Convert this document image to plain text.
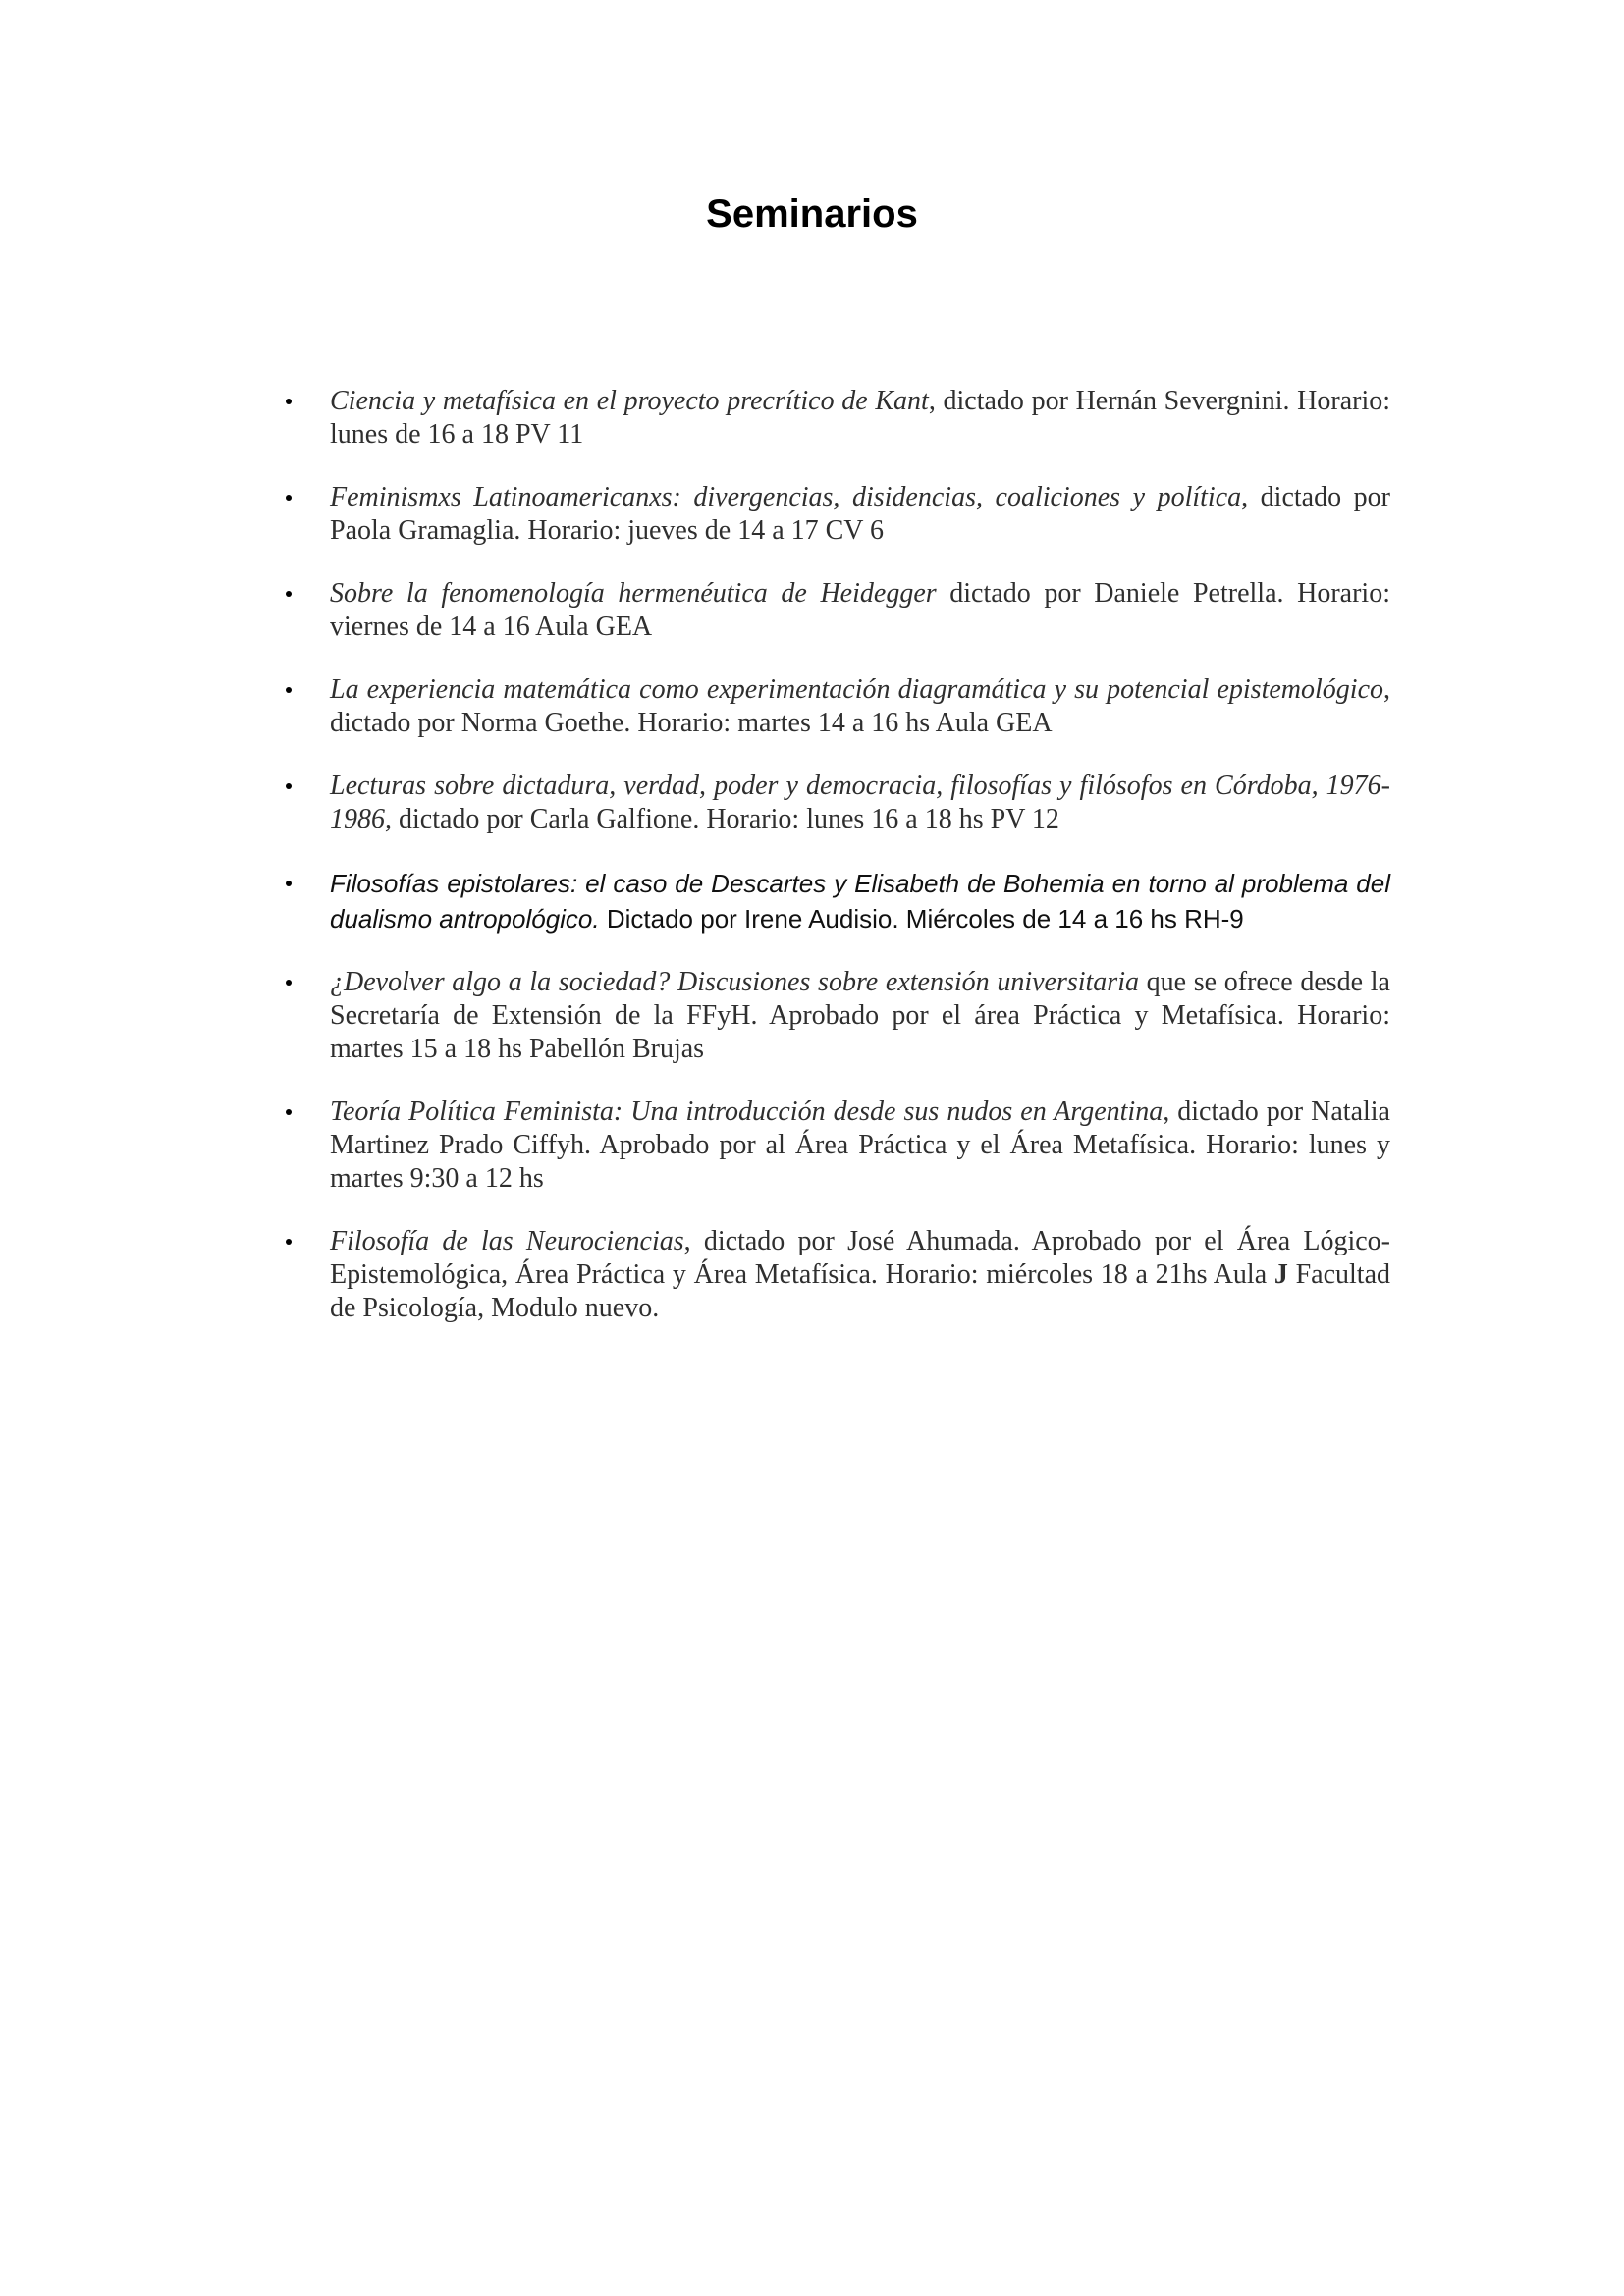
Seminarios
Ciencia y metafísica en el proyecto precrítico de Kant, dictado por Hernán Severgnini. Horario: lunes de 16 a 18 PV 11
Feminismxs Latinoamericanxs: divergencias, disidencias, coaliciones y política, dictado por Paola Gramaglia. Horario: jueves de 14 a 17 CV 6
Sobre la fenomenología hermenéutica de Heidegger dictado por Daniele Petrella. Horario: viernes de 14 a 16 Aula GEA
La experiencia matemática como experimentación diagramática y su potencial epistemológico, dictado por Norma Goethe. Horario: martes 14 a 16 hs Aula GEA
Lecturas sobre dictadura, verdad, poder y democracia, filosofías y filósofos en Córdoba, 1976-1986, dictado por Carla Galfione. Horario: lunes 16 a 18 hs PV 12
Filosofías epistolares: el caso de Descartes y Elisabeth de Bohemia en torno al problema del dualismo antropológico. Dictado por Irene Audisio. Miércoles de 14 a 16 hs RH-9
¿Devolver algo a la sociedad? Discusiones sobre extensión universitaria que se ofrece desde la Secretaría de Extensión de la FFyH. Aprobado por el área Práctica y Metafísica. Horario: martes 15 a 18 hs Pabellón Brujas
Teoría Política Feminista: Una introducción desde sus nudos en Argentina, dictado por Natalia Martinez Prado Ciffyh. Aprobado por al Área Práctica y el Área Metafísica. Horario: lunes y martes 9:30 a 12 hs
Filosofía de las Neurociencias, dictado por José Ahumada. Aprobado por el Área Lógico-Epistemológica, Área Práctica y Área Metafísica. Horario: miércoles 18 a 21hs Aula J Facultad de Psicología, Modulo nuevo.
